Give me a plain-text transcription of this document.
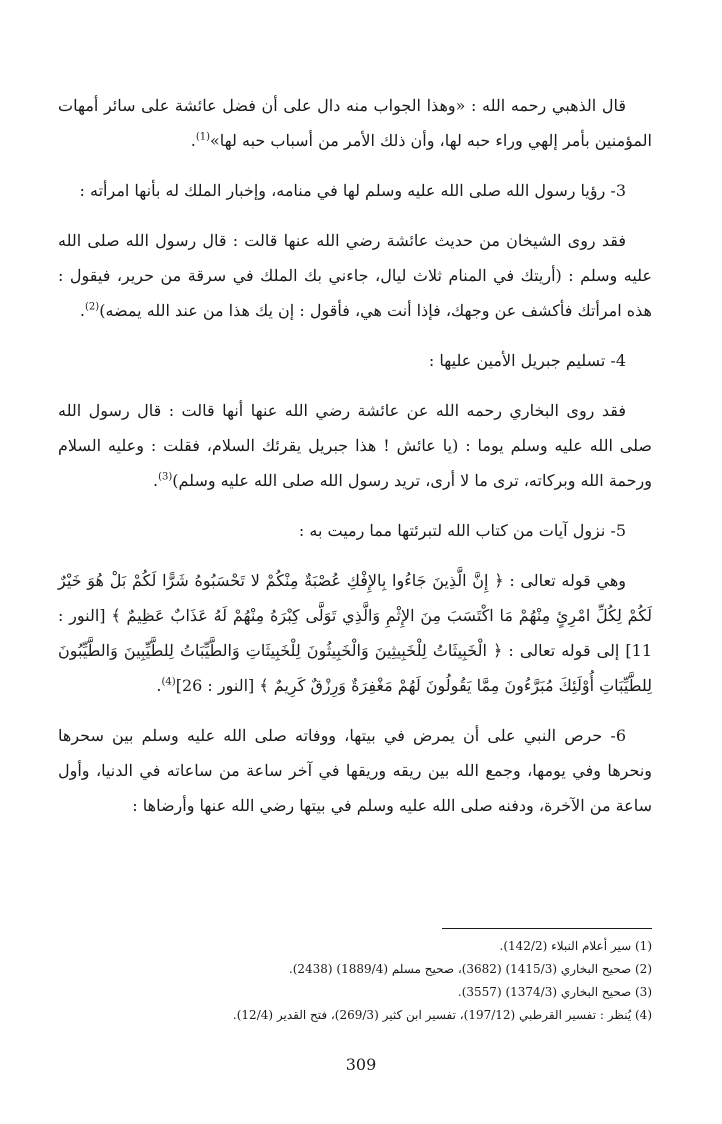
قال الذهبي رحمه الله : «وهذا الجواب منه دال على أن فضل عائشة على سائر أمهات المؤمنين بأمر إلهي وراء حبه لها، وأن ذلك الأمر من أسباب حبه لها»$^{(1)}$.

3- رؤيا رسول الله صلى الله عليه وسلم لها في منامه، وإخبار الملك له بأنها امرأته :

فقد روى الشيخان من حديث عائشة رضي الله عنها قالت : قال رسول الله صلى الله عليه وسلم : (أريتك في المنام ثلاث ليال، جاءني بك الملك في سرقة من حرير، فيقول : هذه امرأتك فأكشف عن وجهك، فإذا أنت هي، فأقول : إن يك هذا من عند الله يمضه)$^{(2)}$.

4- تسليم جبريل الأمين عليها :

فقد روى البخاري رحمه الله عن عائشة رضي الله عنها أنها قالت : قال رسول الله صلى الله عليه وسلم يوما : (يا عائش ! هذا جبريل يقرئك السلام، فقلت : وعليه السلام ورحمة الله وبركاته، ترى ما لا أرى، تريد رسول الله صلى الله عليه وسلم)$^{(3)}$.

5- نزول آيات من كتاب الله لتبرئتها مما رميت به :

وهي قوله تعالى : ﴿ إِنَّ الَّذِينَ جَاءُوا بِالإِفْكِ عُصْبَةٌ مِنْكُمْ لا تَحْسَبُوهُ شَرًّا لَكُمْ بَلْ هُوَ خَيْرٌ لَكُمْ لِكُلِّ امْرِئٍ مِنْهُمْ مَا اكْتَسَبَ مِنَ الإِثْمِ وَالَّذِي تَوَلَّى كِبْرَهُ مِنْهُمْ لَهُ عَذَابٌ عَظِيمٌ ﴾ [النور : 11] إلى قوله تعالى : ﴿ الْخَبِيثَاتُ لِلْخَبِيثِينَ وَالْخَبِيثُونَ لِلْخَبِيثَاتِ وَالطَّيِّبَاتُ لِلطَّيِّبِينَ وَالطَّيِّبُونَ لِلطَّيِّبَاتِ أُوْلَئِكَ مُبَرَّءُونَ مِمَّا يَقُولُونَ لَهُمْ مَغْفِرَةٌ وَرِزْقٌ كَرِيمٌ ﴾ [النور : 26]$^{(4)}$.

6- حرص النبي على أن يمرض في بيتها، ووفاته صلى الله عليه وسلم بين سحرها ونحرها وفي يومها، وجمع الله بين ريقه وريقها في آخر ساعة من ساعاته في الدنيا، وأول ساعة من الآخرة، ودفنه صلى الله عليه وسلم في بيتها رضي الله عنها وأرضاها :

(1) سير أعلام النبلاء (142/2).

(2) صحيح البخاري (1415/3) (3682)، صحيح مسلم (1889/4) (2438).

(3) صحيح البخاري (1374/3) (3557).

(4) يُنظر : تفسير القرطبي (197/12)، تفسير ابن كثير (269/3)، فتح القدير (12/4).

309
